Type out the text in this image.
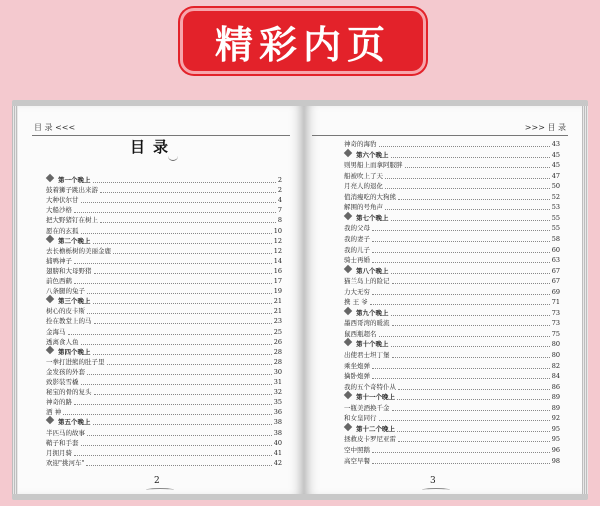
精彩内页
目 录 <<<
目录
第一个晚上	2
鼓着狮子跳出来游	2
大种伏尔甘	4
大船沙格	7
把大野猪钉在树上	8
愿在的玄狐	10
第二个晚上	12
去长檐栎树的美丽金鹿	12
捕鸭神子	14
翅膀和大母野猪	16
前色西鹤	17
八条腿的兔子	19
第三个晚上	21
树心的皮卡斯	21
拴在教堂上的马	23
金海马	25
透离食人鱼	26
第四个晚上	28
一拳打进熊的肚子里	28
金发孩的外套	30
致影装雪橇	31
秘宝的骨的复头	32
神奇的路	35
洒 神	36
第五个晚上	38
半匹马的故事	38
鞘子和手套	40
月拥月骑	41
欢迎"挑河车"	42
2
>>> 目 录
神奇的海豹	43
第六个晚上	45
则男船上而拿阿服胖	45
船被吹上了天	47
月亮人的退化	50
值消瘦吃的大狗熊	52
解围的号角声	53
第七个晚上	55
我的父母	55
我的妻子	58
我的儿子	60
骑士再婚	63
第八个晚上	67
猫兰岛上的险记	67
力大无穷	69
携 王 爷	71
第九个晚上	73
墨西哥湾的暖流	73
鼠西瓶超名	75
第十个晚上	80
出使君士坦丁堡	80
乘坐炮弹	82
擒卧炮弹	84
我的五个奇特仆从	86
第十一个晚上	89
一瓶美酒换千金	89
和女皇同行	92
第十二个晚上	95
拯救皮卡罗尼亚雷	95
空中照鹅	96
高空早餐	98
3
